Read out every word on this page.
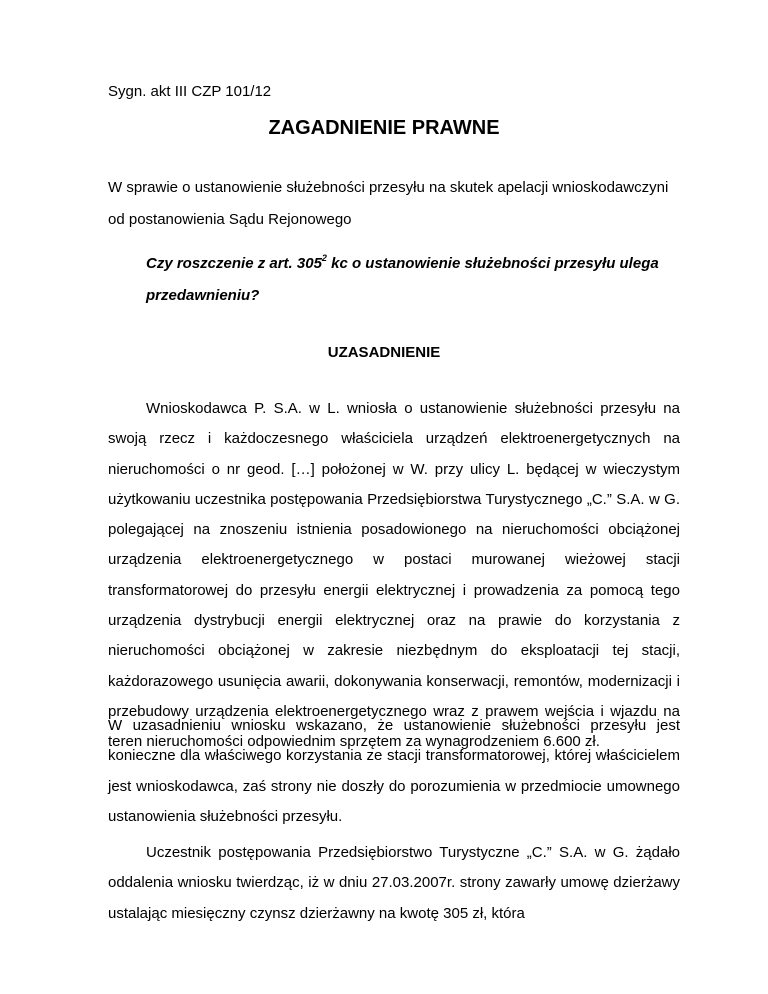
Sygn. akt III CZP 101/12
ZAGADNIENIE PRAWNE
W sprawie o ustanowienie służebności przesyłu na skutek apelacji wnioskodawczyni od postanowienia Sądu Rejonowego
Czy roszczenie z art. $305^2$ kc o ustanowienie służebności przesyłu ulega przedawnieniu?
UZASADNIENIE

Wnioskodawca P. S.A. w L. wniosła o ustanowienie służebności przesyłu na swoją rzecz i każdoczesnego właściciela urządzeń elektroenergetycznych na nieruchomości o nr geod. […] położonej w W. przy ulicy L. będącej w wieczystym użytkowaniu uczestnika postępowania Przedsiębiorstwa Turystycznego „C.” S.A. w G. polegającej na znoszeniu istnienia posadowionego na nieruchomości obciążonej urządzenia elektroenergetycznego w postaci murowanej wieżowej stacji transformatorowej do przesyłu energii elektrycznej i prowadzenia za pomocą tego urządzenia dystrybucji energii elektrycznej oraz na prawie do korzystania z nieruchomości obciążonej w zakresie niezbędnym do eksploatacji tej stacji, każdorazowego usunięcia awarii, dokonywania konserwacji, remontów, modernizacji i przebudowy urządzenia elektroenergetycznego wraz z prawem wejścia i wjazdu na teren nieruchomości odpowiednim sprzętem za wynagrodzeniem 6.600 zł.

W uzasadnieniu wniosku wskazano, że ustanowienie służebności przesyłu jest konieczne dla właściwego korzystania ze stacji transformatorowej, której właścicielem jest wnioskodawca, zaś strony nie doszły do porozumienia w przedmiocie umownego ustanowienia służebności przesyłu.

Uczestnik postępowania Przedsiębiorstwo Turystyczne „C.” S.A. w G. żądało oddalenia wniosku twierdząc, iż w dniu 27.03.2007r. strony zawarły umowę dzierżawy ustalając miesięczny czynsz dzierżawny na kwotę 305 zł, która
